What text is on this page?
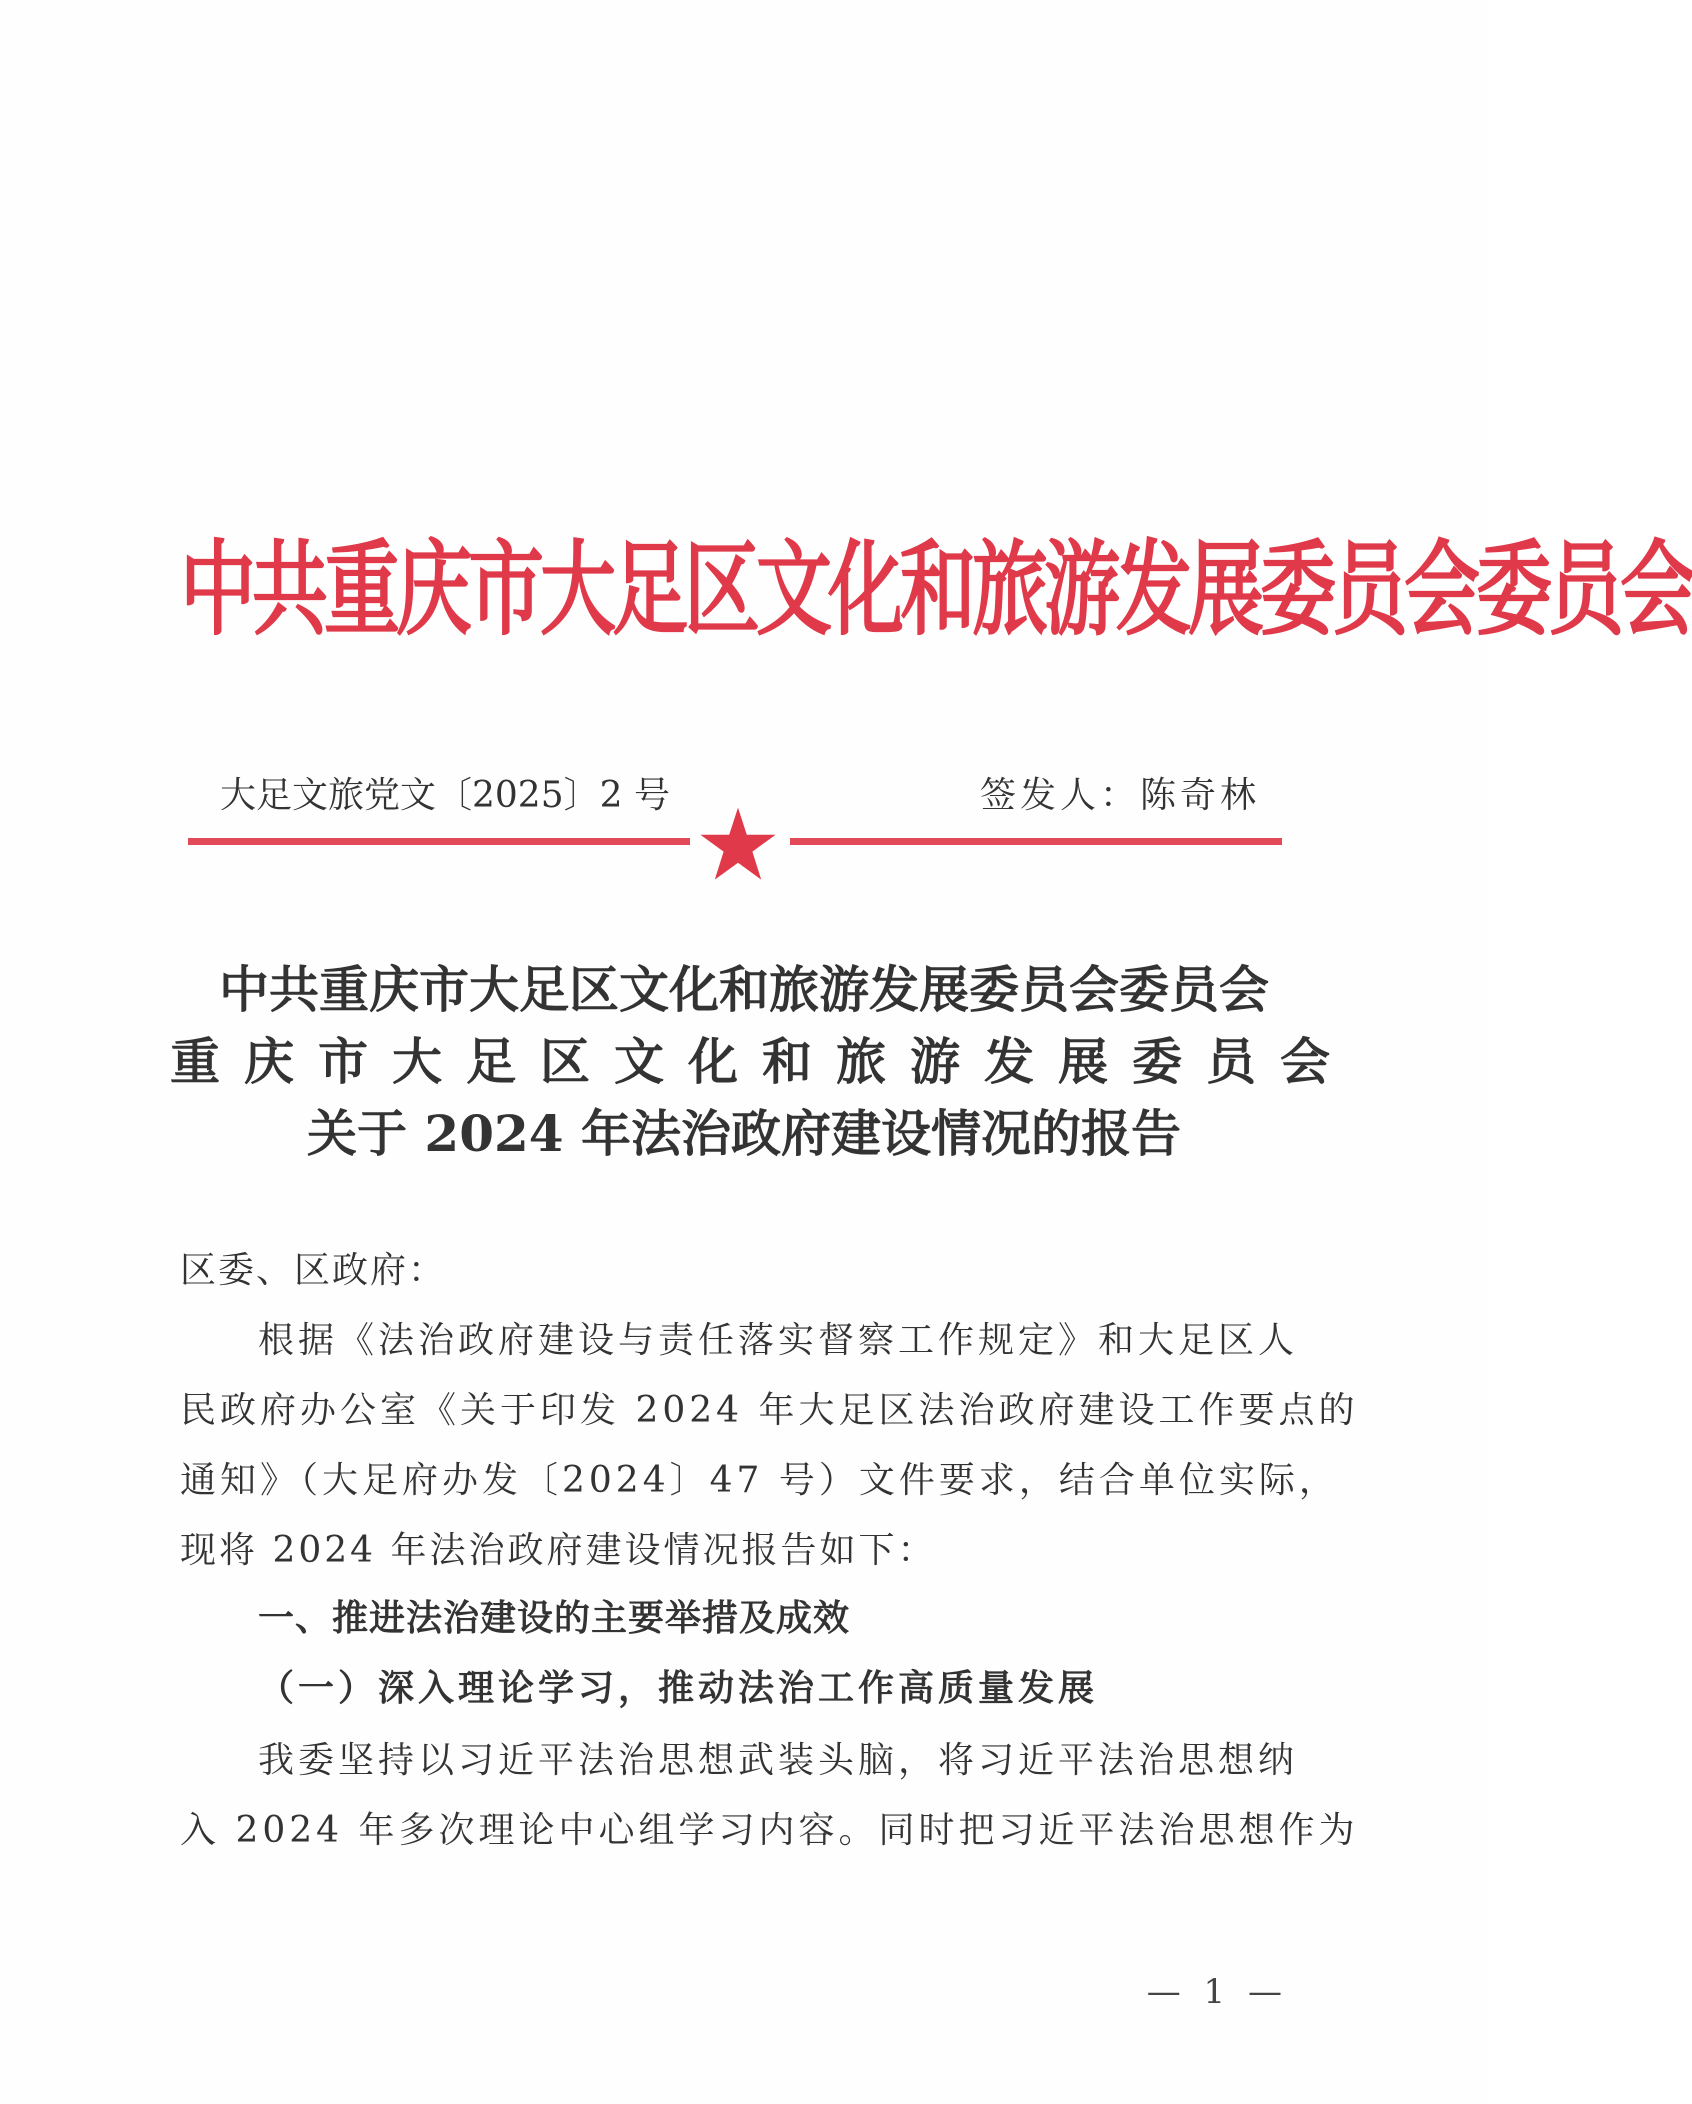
中共重庆市大足区文化和旅游发展委员会委员会
大足文旅党文〔2025〕2 号	签发人：陈奇林
中共重庆市大足区文化和旅游发展委员会委员会
重庆市大足区文化和旅游发展委员会
关于 2024 年法治政府建设情况的报告
区委、区政府：
根据《法治政府建设与责任落实督察工作规定》和大足区人
民政府办公室《关于印发 2024 年大足区法治政府建设工作要点的
通知》（大足府办发〔2024〕47 号）文件要求，结合单位实际，
现将 2024 年法治政府建设情况报告如下：
一、推进法治建设的主要举措及成效
（一）深入理论学习，推动法治工作高质量发展
我委坚持以习近平法治思想武装头脑，将习近平法治思想纳
入 2024 年多次理论中心组学习内容。同时把习近平法治思想作为
— 1 —
